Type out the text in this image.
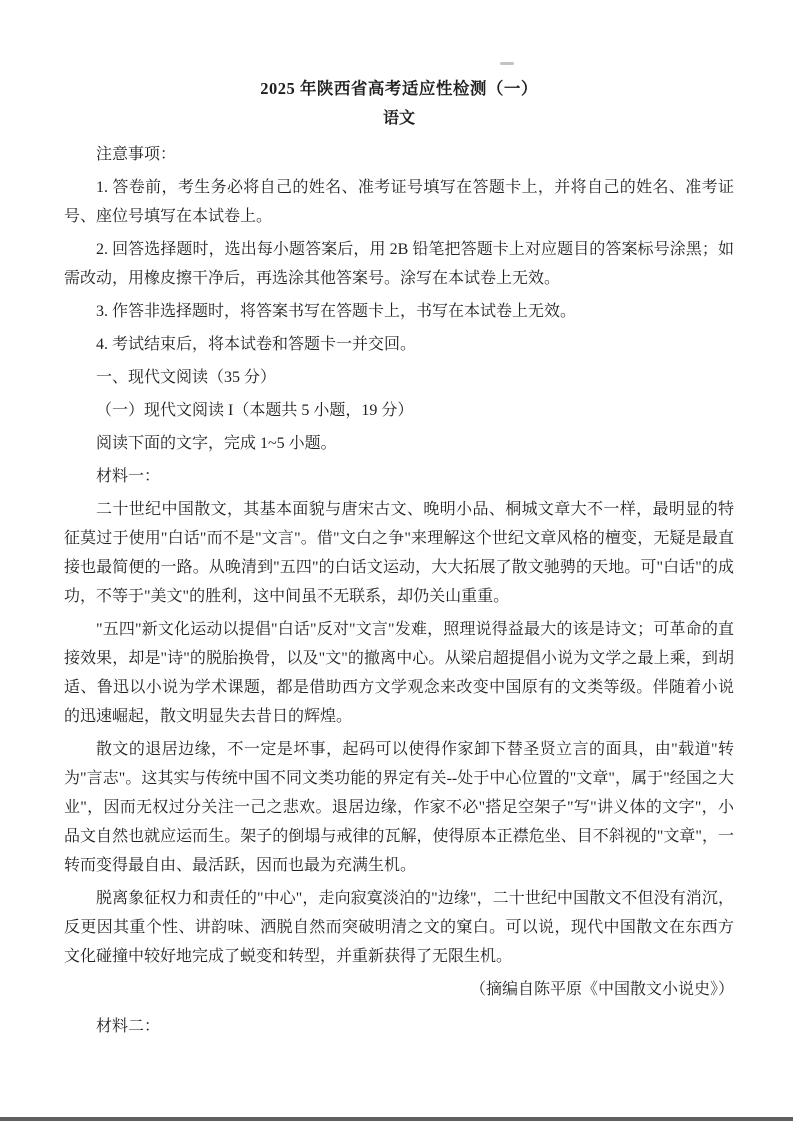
2025 年陕西省高考适应性检测（一）
语文

注意事项：

1. 答卷前，考生务必将自己的姓名、准考证号填写在答题卡上，并将自己的姓名、准考证号、座位号填写在本试卷上。

2. 回答选择题时，选出每小题答案后，用 2B 铅笔把答题卡上对应题目的答案标号涂黑；如需改动，用橡皮擦干净后，再选涂其他答案号。涂写在本试卷上无效。

3. 作答非选择题时，将答案书写在答题卡上，书写在本试卷上无效。

4. 考试结束后，将本试卷和答题卡一并交回。

一、现代文阅读（35 分）

（一）现代文阅读 I（本题共 5 小题，19 分）

阅读下面的文字，完成 1~5 小题。

材料一：

二十世纪中国散文，其基本面貌与唐宋古文、晚明小品、桐城文章大不一样，最明显的特征莫过于使用"白话"而不是"文言"。借"文白之争"来理解这个世纪文章风格的檀变，无疑是最直接也最简便的一路。从晚清到"五四"的白话文运动，大大拓展了散文驰骋的天地。可"白话"的成功，不等于"美文"的胜利，这中间虽不无联系，却仍关山重重。

"五四"新文化运动以提倡"白话"反对"文言"发难，照理说得益最大的该是诗文；可革命的直接效果，却是"诗"的脱胎换骨，以及"文"的撤离中心。从梁启超提倡小说为文学之最上乘，到胡适、鲁迅以小说为学术课题，都是借助西方文学观念来改变中国原有的文类等级。伴随着小说的迅速崛起，散文明显失去昔日的辉煌。

散文的退居边缘，不一定是坏事，起码可以使得作家卸下替圣贤立言的面具，由"载道"转为"言志"。这其实与传统中国不同文类功能的界定有关--处于中心位置的"文章"，属于"经国之大业"，因而无权过分关注一己之悲欢。退居边缘，作家不必"搭足空架子"写"讲义体的文字"，小品文自然也就应运而生。架子的倒塌与戒律的瓦解，使得原本正襟危坐、目不斜视的"文章"，一转而变得最自由、最活跃，因而也最为充满生机。

脱离象征权力和责任的"中心"，走向寂寞淡泊的"边缘"，二十世纪中国散文不但没有消沉，反更因其重个性、讲韵味、洒脱自然而突破明清之文的窠白。可以说，现代中国散文在东西方文化碰撞中较好地完成了蜕变和转型，并重新获得了无限生机。

（摘编自陈平原《中国散文小说史》）

材料二：
